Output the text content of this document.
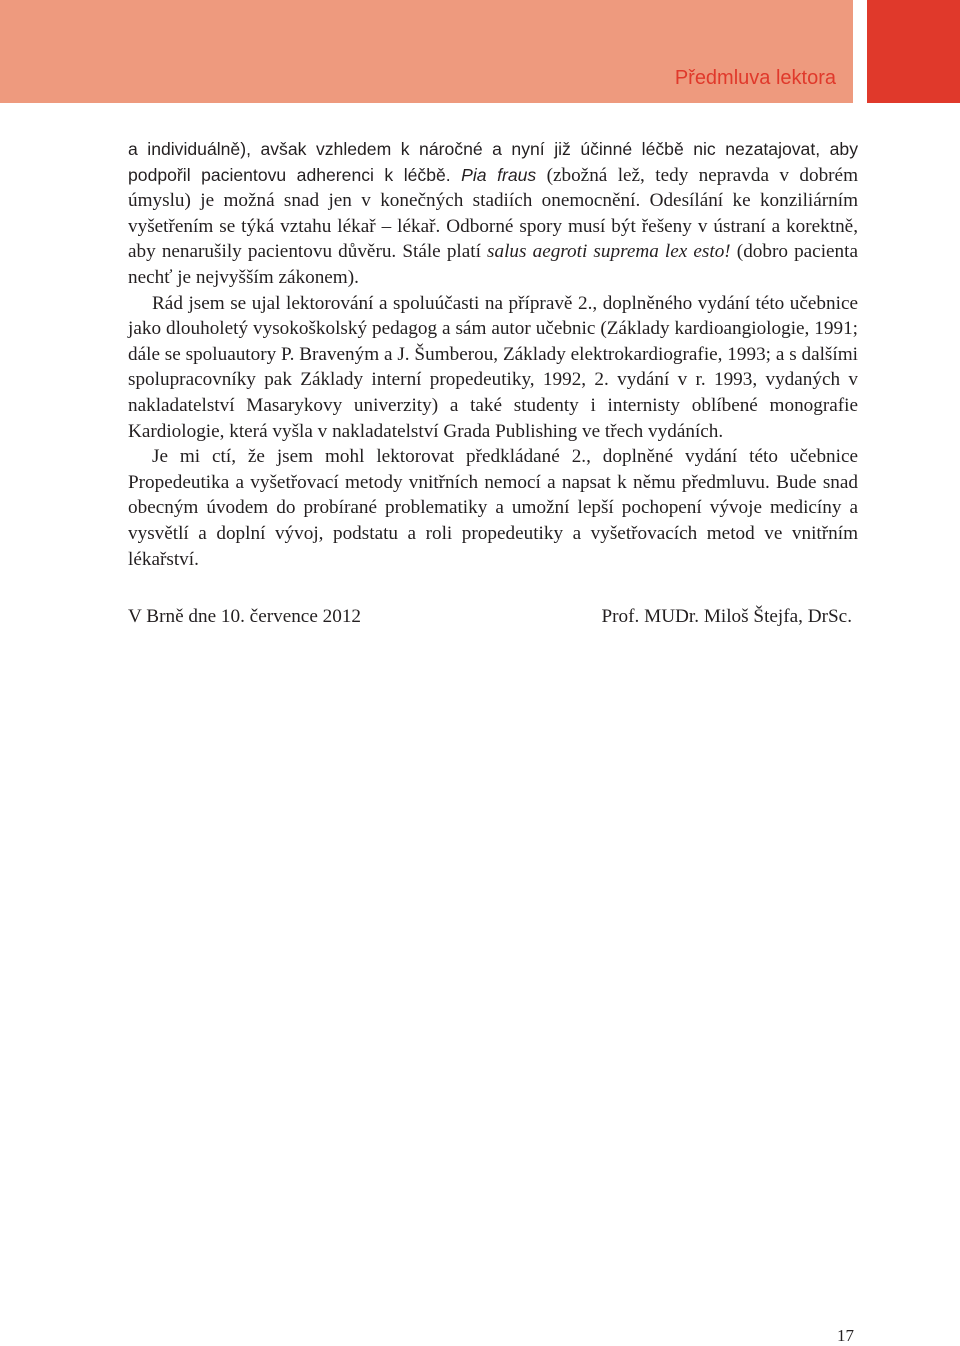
Předmluva lektora

a individuálně), avšak vzhledem k náročné a nyní již účinné léčbě nic nezatajovat, aby podpořil pacientovu adherenci k léčbě. Pia fraus (zbožná lež, tedy nepravda v dobrém úmyslu) je možná snad jen v konečných stadiích onemocnění. Odesílání ke konziliárním vyšetřením se týká vztahu lékař – lékař. Odborné spory musí být řešeny v ústraní a korektně, aby nenarušily pacientovu důvěru. Stále platí salus aegroti suprema lex esto! (dobro pacienta nechť je nejvyšším zákonem).

Rád jsem se ujal lektorování a spoluúčasti na přípravě 2., doplněného vydání této učebnice jako dlouholetý vysokoškolský pedagog a sám autor učebnic (Základy kardioangiologie, 1991; dále se spoluautory P. Braveným a J. Šumberou, Základy elektrokardiografie, 1993; a s dalšími spolupracovníky pak Základy interní propedeutiky, 1992, 2. vydání v r. 1993, vydaných v nakladatelství Masarykovy univerzity) a také studenty i internisty oblíbené monografie Kardiologie, která vyšla v nakladatelství Grada Publishing ve třech vydáních.

Je mi ctí, že jsem mohl lektorovat předkládané 2., doplněné vydání této učebnice Propedeutika a vyšetřovací metody vnitřních nemocí a napsat k němu předmluvu. Bude snad obecným úvodem do probírané problematiky a umožní lepší pochopení vývoje medicíny a vysvětlí a doplní vývoj, podstatu a roli propedeutiky a vyšetřovacích metod ve vnitřním lékařství.

V Brně dne 10. července 2012	Prof. MUDr. Miloš Štejfa, DrSc.
17
